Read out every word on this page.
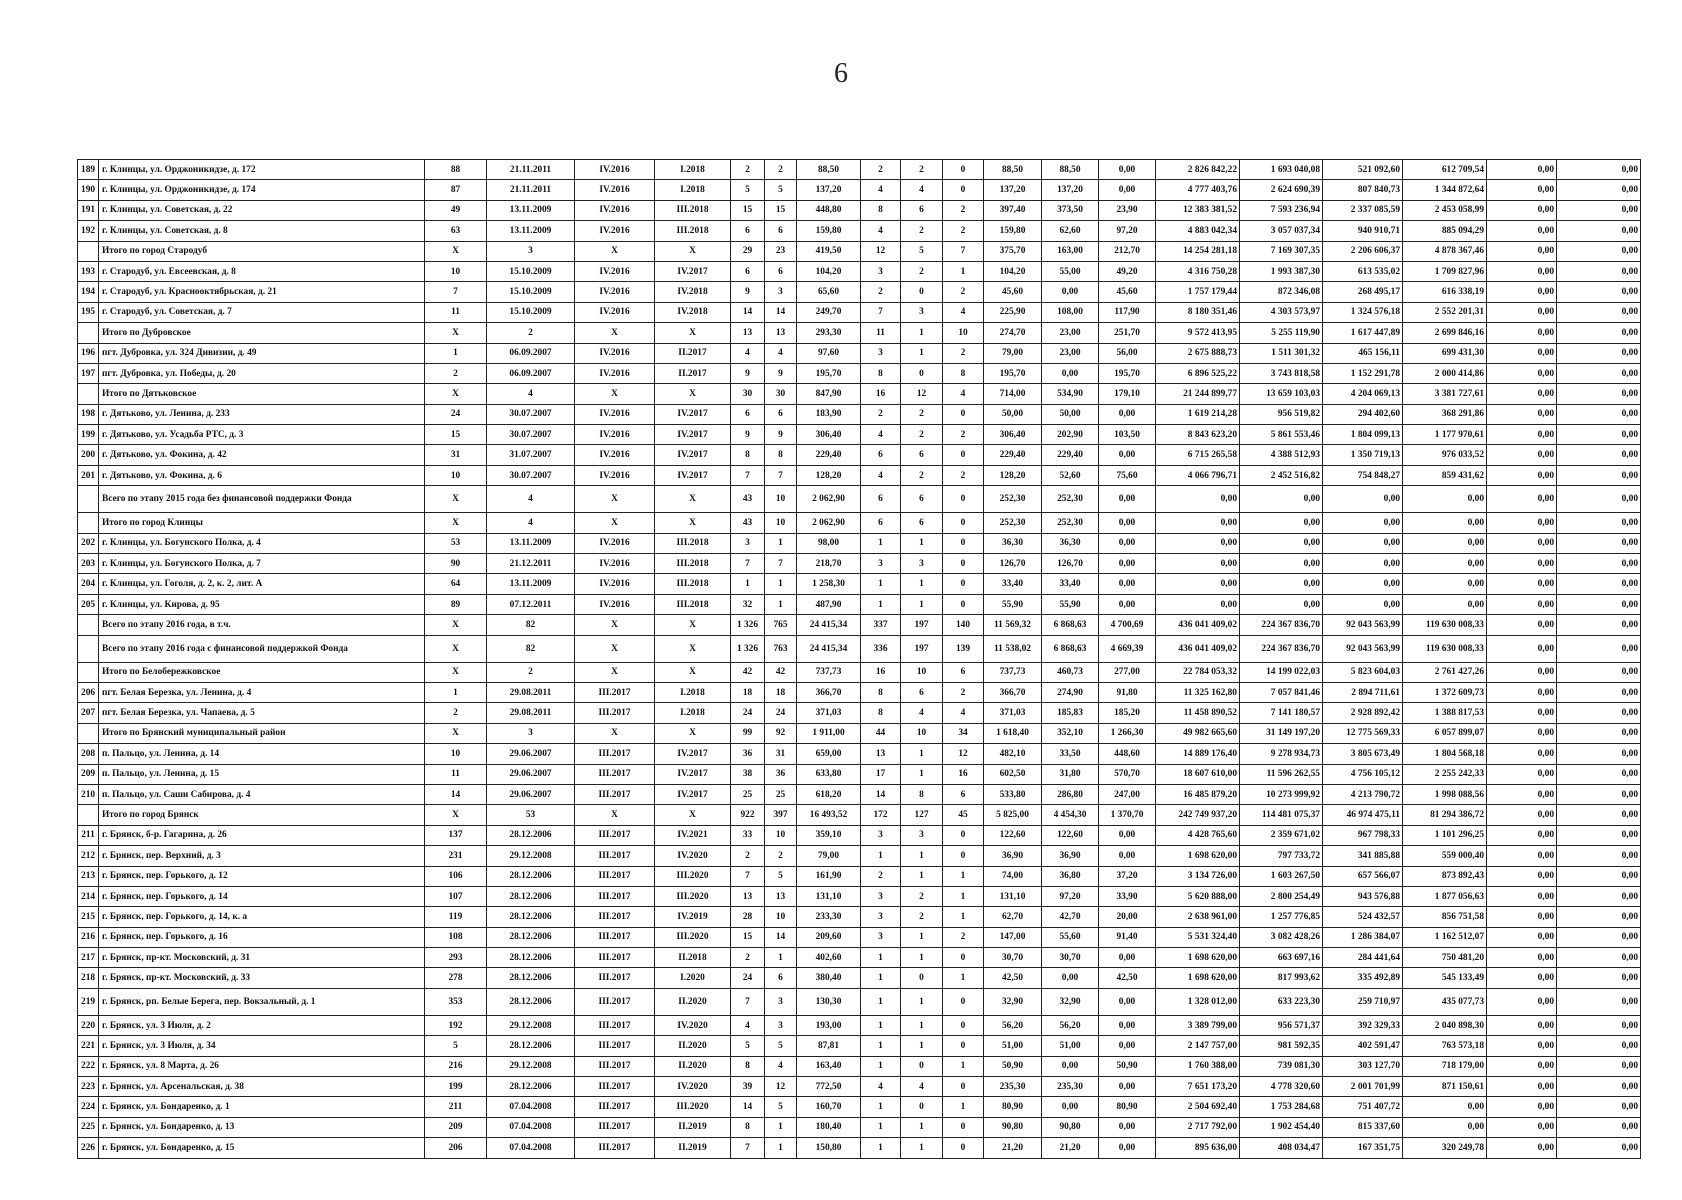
6
189	г. Клинцы, ул. Орджоникидзе, д. 172	88	21.11.2011	IV.2016	I.2018	2	2	88,50	2	2	0	88,50	88,50	0,00	2 826 842,22	1 693 040,08	521 092,60	612 709,54	0,00	0,00
190	г. Клинцы, ул. Орджоникидзе, д. 174	87	21.11.2011	IV.2016	I.2018	5	5	137,20	4	4	0	137,20	137,20	0,00	4 777 403,76	2 624 690,39	807 840,73	1 344 872,64	0,00	0,00
191	г. Клинцы, ул. Советская, д. 22	49	13.11.2009	IV.2016	III.2018	15	15	448,80	8	6	2	397,40	373,50	23,90	12 383 381,52	7 593 236,94	2 337 085,59	2 453 058,99	0,00	0,00
192	г. Клинцы, ул. Советская, д. 8	63	13.11.2009	IV.2016	III.2018	6	6	159,80	4	2	2	159,80	62,60	97,20	4 883 042,34	3 057 037,34	940 910,71	885 094,29	0,00	0,00
	Итого по город Стародуб	X	3	X	X	29	23	419,50	12	5	7	375,70	163,00	212,70	14 254 281,18	7 169 307,35	2 206 606,37	4 878 367,46	0,00	0,00
193	г. Стародуб, ул. Евсеевская, д. 8	10	15.10.2009	IV.2016	IV.2017	6	6	104,20	3	2	1	104,20	55,00	49,20	4 316 750,28	1 993 387,30	613 535,02	1 709 827,96	0,00	0,00
194	г. Стародуб, ул. Краснооктябрьская, д. 21	7	15.10.2009	IV.2016	IV.2018	9	3	65,60	2	0	2	45,60	0,00	45,60	1 757 179,44	872 346,08	268 495,17	616 338,19	0,00	0,00
195	г. Стародуб, ул. Советская, д. 7	11	15.10.2009	IV.2016	IV.2018	14	14	249,70	7	3	4	225,90	108,00	117,90	8 180 351,46	4 303 573,97	1 324 576,18	2 552 201,31	0,00	0,00
	Итого по Дубровское	X	2	X	X	13	13	293,30	11	1	10	274,70	23,00	251,70	9 572 413,95	5 255 119,90	1 617 447,89	2 699 846,16	0,00	0,00
196	пгт. Дубровка, ул. 324 Дивизии, д. 49	1	06.09.2007	IV.2016	II.2017	4	4	97,60	3	1	2	79,00	23,00	56,00	2 675 888,73	1 511 301,32	465 156,11	699 431,30	0,00	0,00
197	пгт. Дубровка, ул. Победы, д. 20	2	06.09.2007	IV.2016	II.2017	9	9	195,70	8	0	8	195,70	0,00	195,70	6 896 525,22	3 743 818,58	1 152 291,78	2 000 414,86	0,00	0,00
	Итого по Дятьковское	X	4	X	X	30	30	847,90	16	12	4	714,00	534,90	179,10	21 244 899,77	13 659 103,03	4 204 069,13	3 381 727,61	0,00	0,00
198	г. Дятьково, ул. Ленина, д. 233	24	30.07.2007	IV.2016	IV.2017	6	6	183,90	2	2	0	50,00	50,00	0,00	1 619 214,28	956 519,82	294 402,60	368 291,86	0,00	0,00
199	г. Дятьково, ул. Усадьба РТС, д. 3	15	30.07.2007	IV.2016	IV.2017	9	9	306,40	4	2	2	306,40	202,90	103,50	8 843 623,20	5 861 553,46	1 804 099,13	1 177 970,61	0,00	0,00
200	г. Дятьково, ул. Фокина, д. 42	31	31.07.2007	IV.2016	IV.2017	8	8	229,40	6	6	0	229,40	229,40	0,00	6 715 265,58	4 388 512,93	1 350 719,13	976 033,52	0,00	0,00
201	г. Дятьково, ул. Фокина, д. 6	10	30.07.2007	IV.2016	IV.2017	7	7	128,20	4	2	2	128,20	52,60	75,60	4 066 796,71	2 452 516,82	754 848,27	859 431,62	0,00	0,00
	Всего по этапу 2015 года без финансовой поддержки Фонда	X	4	X	X	43	10	2 062,90	6	6	0	252,30	252,30	0,00	0,00	0,00	0,00	0,00	0,00	0,00
	Итого по город Клинцы	X	4	X	X	43	10	2 062,90	6	6	0	252,30	252,30	0,00	0,00	0,00	0,00	0,00	0,00	0,00
202	г. Клинцы, ул. Богунского Полка, д. 4	53	13.11.2009	IV.2016	III.2018	3	1	98,00	1	1	0	36,30	36,30	0,00	0,00	0,00	0,00	0,00	0,00	0,00
203	г. Клинцы, ул. Богунского Полка, д. 7	90	21.12.2011	IV.2016	III.2018	7	7	218,70	3	3	0	126,70	126,70	0,00	0,00	0,00	0,00	0,00	0,00	0,00
204	г. Клинцы, ул. Гоголя, д. 2, к. 2, лит. А	64	13.11.2009	IV.2016	III.2018	1	1	1 258,30	1	1	0	33,40	33,40	0,00	0,00	0,00	0,00	0,00	0,00	0,00
205	г. Клинцы, ул. Кирова, д. 95	89	07.12.2011	IV.2016	III.2018	32	1	487,90	1	1	0	55,90	55,90	0,00	0,00	0,00	0,00	0,00	0,00	0,00
	Всего по этапу 2016 года, в т.ч.	X	82	X	X	1 326	765	24 415,34	337	197	140	11 569,32	6 868,63	4 700,69	436 041 409,02	224 367 836,70	92 043 563,99	119 630 008,33	0,00	0,00
	Всего по этапу 2016 года с финансовой поддержкой Фонда	X	82	X	X	1 326	763	24 415,34	336	197	139	11 538,02	6 868,63	4 669,39	436 041 409,02	224 367 836,70	92 043 563,99	119 630 008,33	0,00	0,00
	Итого по Белобережковское	X	2	X	X	42	42	737,73	16	10	6	737,73	460,73	277,00	22 784 053,32	14 199 022,03	5 823 604,03	2 761 427,26	0,00	0,00
206	пгт. Белая Березка, ул. Ленина, д. 4	1	29.08.2011	III.2017	I.2018	18	18	366,70	8	6	2	366,70	274,90	91,80	11 325 162,80	7 057 841,46	2 894 711,61	1 372 609,73	0,00	0,00
207	пгт. Белая Березка, ул. Чапаева, д. 5	2	29.08.2011	III.2017	I.2018	24	24	371,03	8	4	4	371,03	185,83	185,20	11 458 890,52	7 141 180,57	2 928 892,42	1 388 817,53	0,00	0,00
	Итого по Брянский муниципальный район	X	3	X	X	99	92	1 911,00	44	10	34	1 618,40	352,10	1 266,30	49 982 665,60	31 149 197,20	12 775 569,33	6 057 899,07	0,00	0,00
208	п. Пальцо, ул. Ленина, д. 14	10	29.06.2007	III.2017	IV.2017	36	31	659,00	13	1	12	482,10	33,50	448,60	14 889 176,40	9 278 934,73	3 805 673,49	1 804 568,18	0,00	0,00
209	п. Пальцо, ул. Ленина, д. 15	11	29.06.2007	III.2017	IV.2017	38	36	633,80	17	1	16	602,50	31,80	570,70	18 607 610,00	11 596 262,55	4 756 105,12	2 255 242,33	0,00	0,00
210	п. Пальцо, ул. Саши Сабирова, д. 4	14	29.06.2007	III.2017	IV.2017	25	25	618,20	14	8	6	533,80	286,80	247,00	16 485 879,20	10 273 999,92	4 213 790,72	1 998 088,56	0,00	0,00
	Итого по город Брянск	X	53	X	X	922	397	16 493,52	172	127	45	5 825,00	4 454,30	1 370,70	242 749 937,20	114 481 075,37	46 974 475,11	81 294 386,72	0,00	0,00
211	г. Брянск, б-р. Гагарина, д. 26	137	28.12.2006	III.2017	IV.2021	33	10	359,10	3	3	0	122,60	122,60	0,00	4 428 765,60	2 359 671,02	967 798,33	1 101 296,25	0,00	0,00
212	г. Брянск, пер. Верхний, д. 3	231	29.12.2008	III.2017	IV.2020	2	2	79,00	1	1	0	36,90	36,90	0,00	1 698 620,00	797 733,72	341 885,88	559 000,40	0,00	0,00
213	г. Брянск, пер. Горького, д. 12	106	28.12.2006	III.2017	III.2020	7	5	161,90	2	1	1	74,00	36,80	37,20	3 134 726,00	1 603 267,50	657 566,07	873 892,43	0,00	0,00
214	г. Брянск, пер. Горького, д. 14	107	28.12.2006	III.2017	III.2020	13	13	131,10	3	2	1	131,10	97,20	33,90	5 620 888,00	2 800 254,49	943 576,88	1 877 056,63	0,00	0,00
215	г. Брянск, пер. Горького, д. 14, к. а	119	28.12.2006	III.2017	IV.2019	28	10	233,30	3	2	1	62,70	42,70	20,00	2 638 961,00	1 257 776,85	524 432,57	856 751,58	0,00	0,00
216	г. Брянск, пер. Горького, д. 16	108	28.12.2006	III.2017	III.2020	15	14	209,60	3	1	2	147,00	55,60	91,40	5 531 324,40	3 082 428,26	1 286 384,07	1 162 512,07	0,00	0,00
217	г. Брянск, пр-кт. Московский, д. 31	293	28.12.2006	III.2017	II.2018	2	1	402,60	1	1	0	30,70	30,70	0,00	1 698 620,00	663 697,16	284 441,64	750 481,20	0,00	0,00
218	г. Брянск, пр-кт. Московский, д. 33	278	28.12.2006	III.2017	I.2020	24	6	380,40	1	0	1	42,50	0,00	42,50	1 698 620,00	817 993,62	335 492,89	545 133,49	0,00	0,00
219	г. Брянск, рп. Белые Берега, пер. Вокзальный, д. 1	353	28.12.2006	III.2017	II.2020	7	3	130,30	1	1	0	32,90	32,90	0,00	1 328 012,00	633 223,30	259 710,97	435 077,73	0,00	0,00
220	г. Брянск, ул. 3 Июля, д. 2	192	29.12.2008	III.2017	IV.2020	4	3	193,00	1	1	0	56,20	56,20	0,00	3 389 799,00	956 571,37	392 329,33	2 040 898,30	0,00	0,00
221	г. Брянск, ул. 3 Июля, д. 34	5	28.12.2006	III.2017	II.2020	5	5	87,81	1	1	0	51,00	51,00	0,00	2 147 757,00	981 592,35	402 591,47	763 573,18	0,00	0,00
222	г. Брянск, ул. 8 Марта, д. 26	216	29.12.2008	III.2017	II.2020	8	4	163,40	1	0	1	50,90	0,00	50,90	1 760 388,00	739 081,30	303 127,70	718 179,00	0,00	0,00
223	г. Брянск, ул. Арсенальская, д. 38	199	28.12.2006	III.2017	IV.2020	39	12	772,50	4	4	0	235,30	235,30	0,00	7 651 173,20	4 778 320,60	2 001 701,99	871 150,61	0,00	0,00
224	г. Брянск, ул. Бондаренко, д. 1	211	07.04.2008	III.2017	III.2020	14	5	160,70	1	0	1	80,90	0,00	80,90	2 504 692,40	1 753 284,68	751 407,72	0,00	0,00	0,00
225	г. Брянск, ул. Бондаренко, д. 13	209	07.04.2008	III.2017	II.2019	8	1	180,40	1	1	0	90,80	90,80	0,00	2 717 792,00	1 902 454,40	815 337,60	0,00	0,00	0,00
226	г. Брянск, ул. Бондаренко, д. 15	206	07.04.2008	III.2017	II.2019	7	1	150,80	1	1	0	21,20	21,20	0,00	895 636,00	408 034,47	167 351,75	320 249,78	0,00	0,00
